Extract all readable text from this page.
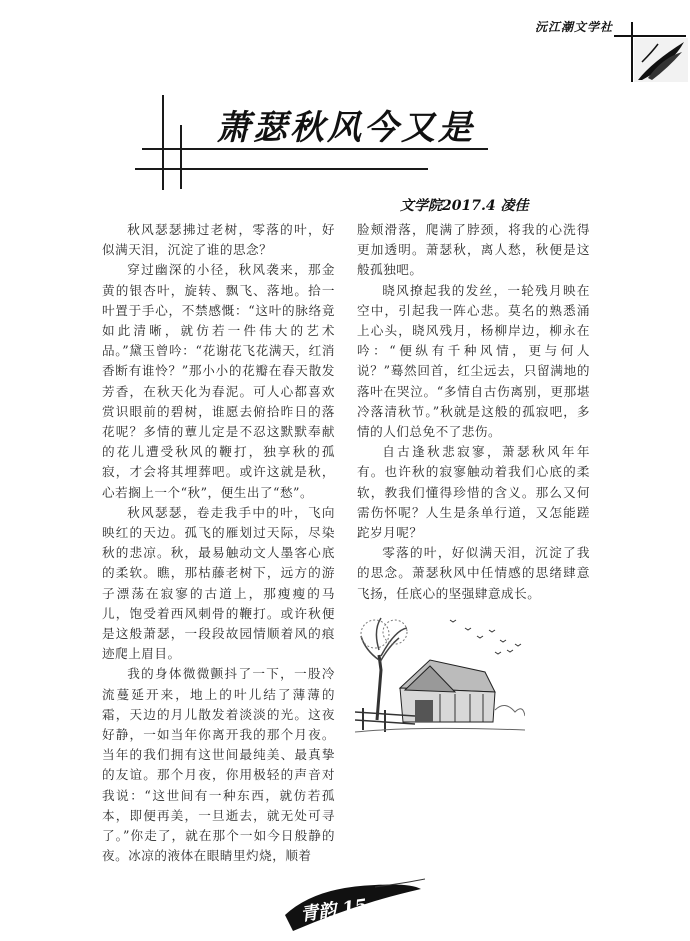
沅江潮文学社
萧瑟秋风今又是
文学院2017.4 凌佳

秋风瑟瑟拂过老树，零落的叶，好似满天泪，沉淀了谁的思念？

穿过幽深的小径，秋风袭来，那金黄的银杏叶，旋转、飘飞、落地。拾一叶置于手心，不禁感慨：“这叶的脉络竟如此清晰，就仿若一件伟大的艺术品。”黛玉曾吟：“花谢花飞花满天，红消香断有谁怜？”那小小的花瓣在春天散发芳香，在秋天化为春泥。可人心都喜欢赏识眼前的碧树，谁愿去俯拾昨日的落花呢？多情的蕈儿定是不忍这默默奉献的花儿遭受秋风的鞭打，独享秋的孤寂，才会将其埋葬吧。或许这就是秋，心若搁上一个“秋”，便生出了“愁”。

秋风瑟瑟，卷走我手中的叶，飞向映红的天边。孤飞的雁划过天际，尽染秋的悲凉。秋，最易触动文人墨客心底的柔软。瞧，那枯藤老树下，远方的游子漂荡在寂寥的古道上，那瘦瘦的马儿，饱受着西风刺骨的鞭打。或许秋便是这般萧瑟，一段段故园情顺着风的痕迹爬上眉目。

我的身体微微颤抖了一下，一股冷流蔓延开来，地上的叶儿结了薄薄的霜，天边的月儿散发着淡淡的光。这夜好静，一如当年你离开我的那个月夜。当年的我们拥有这世间最纯美、最真挚的友谊。那个月夜，你用极轻的声音对我说：“这世间有一种东西，就仿若孤本，即便再美，一旦逝去，就无处可寻了。”你走了，就在那个一如今日般静的夜。冰凉的液体在眼睛里灼烧，顺着

脸颊滑落，爬满了脖颈，将我的心洗得更加透明。萧瑟秋，离人愁，秋便是这般孤独吧。

晓风撩起我的发丝，一轮残月映在空中，引起我一阵心悲。莫名的熟悉涌上心头，晓风残月，杨柳岸边，柳永在吟：“便纵有千种风情，更与何人说？”蓦然回首，红尘远去，只留满地的落叶在哭泣。“多情自古伤离别，更那堪冷落清秋节。”秋就是这般的孤寂吧，多情的人们总免不了悲伤。

自古逢秋悲寂寥，萧瑟秋风年年有。也许秋的寂寥触动着我们心底的柔软，教我们懂得珍惜的含义。那么又何需伤怀呢？人生是条单行道，又怎能蹉跎岁月呢？

零落的叶，好似满天泪，沉淀了我的思念。萧瑟秋风中任情感的思绪肆意飞扬，任底心的坚强肆意成长。

青韵 15
